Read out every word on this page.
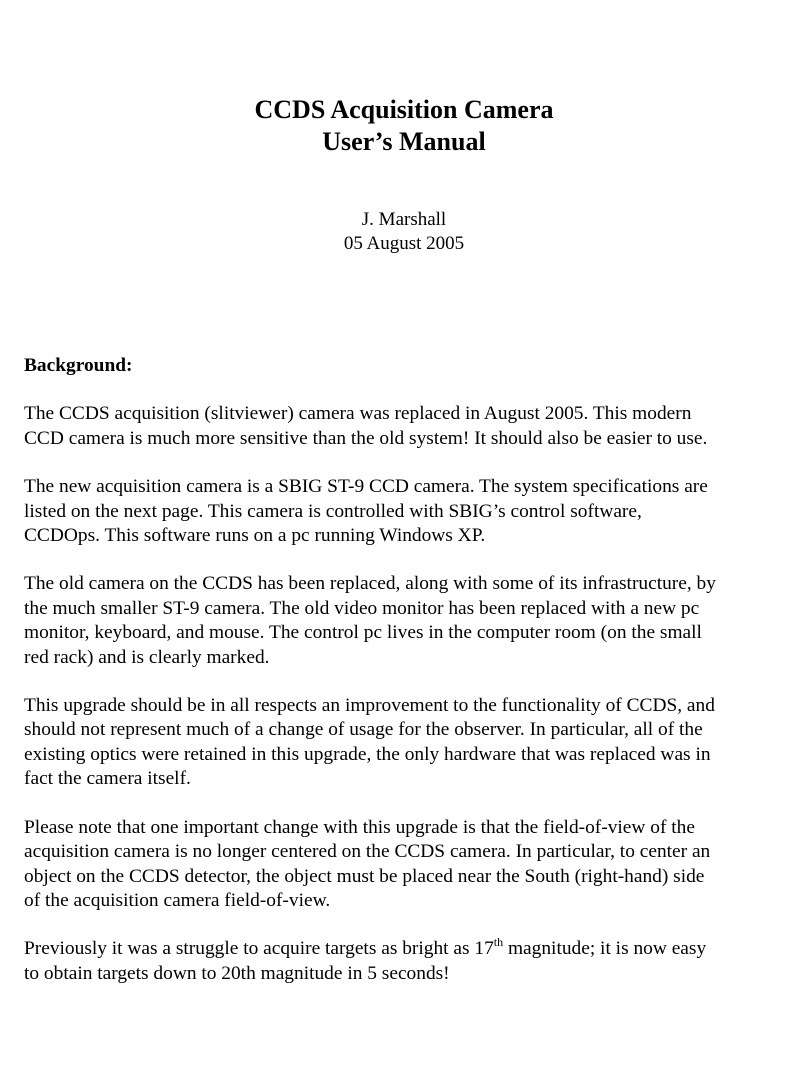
CCDS Acquisition Camera
User’s Manual
J. Marshall
05 August 2005
Background:
The CCDS acquisition (slitviewer) camera was replaced in August 2005. This modern
CCD camera is much more sensitive than the old system! It should also be easier to use.
The new acquisition camera is a SBIG ST-9 CCD camera. The system specifications are
listed on the next page. This camera is controlled with SBIG’s control software,
CCDOps. This software runs on a pc running Windows XP.
The old camera on the CCDS has been replaced, along with some of its infrastructure, by
the much smaller ST-9 camera. The old video monitor has been replaced with a new pc
monitor, keyboard, and mouse. The control pc lives in the computer room (on the small
red rack) and is clearly marked.
This upgrade should be in all respects an improvement to the functionality of CCDS, and
should not represent much of a change of usage for the observer. In particular, all of the
existing optics were retained in this upgrade, the only hardware that was replaced was in
fact the camera itself.
Please note that one important change with this upgrade is that the field-of-view of the
acquisition camera is no longer centered on the CCDS camera. In particular, to center an
object on the CCDS detector, the object must be placed near the South (right-hand) side
of the acquisition camera field-of-view.
Previously it was a struggle to acquire targets as bright as 17th magnitude; it is now easy
to obtain targets down to 20th magnitude in 5 seconds!
